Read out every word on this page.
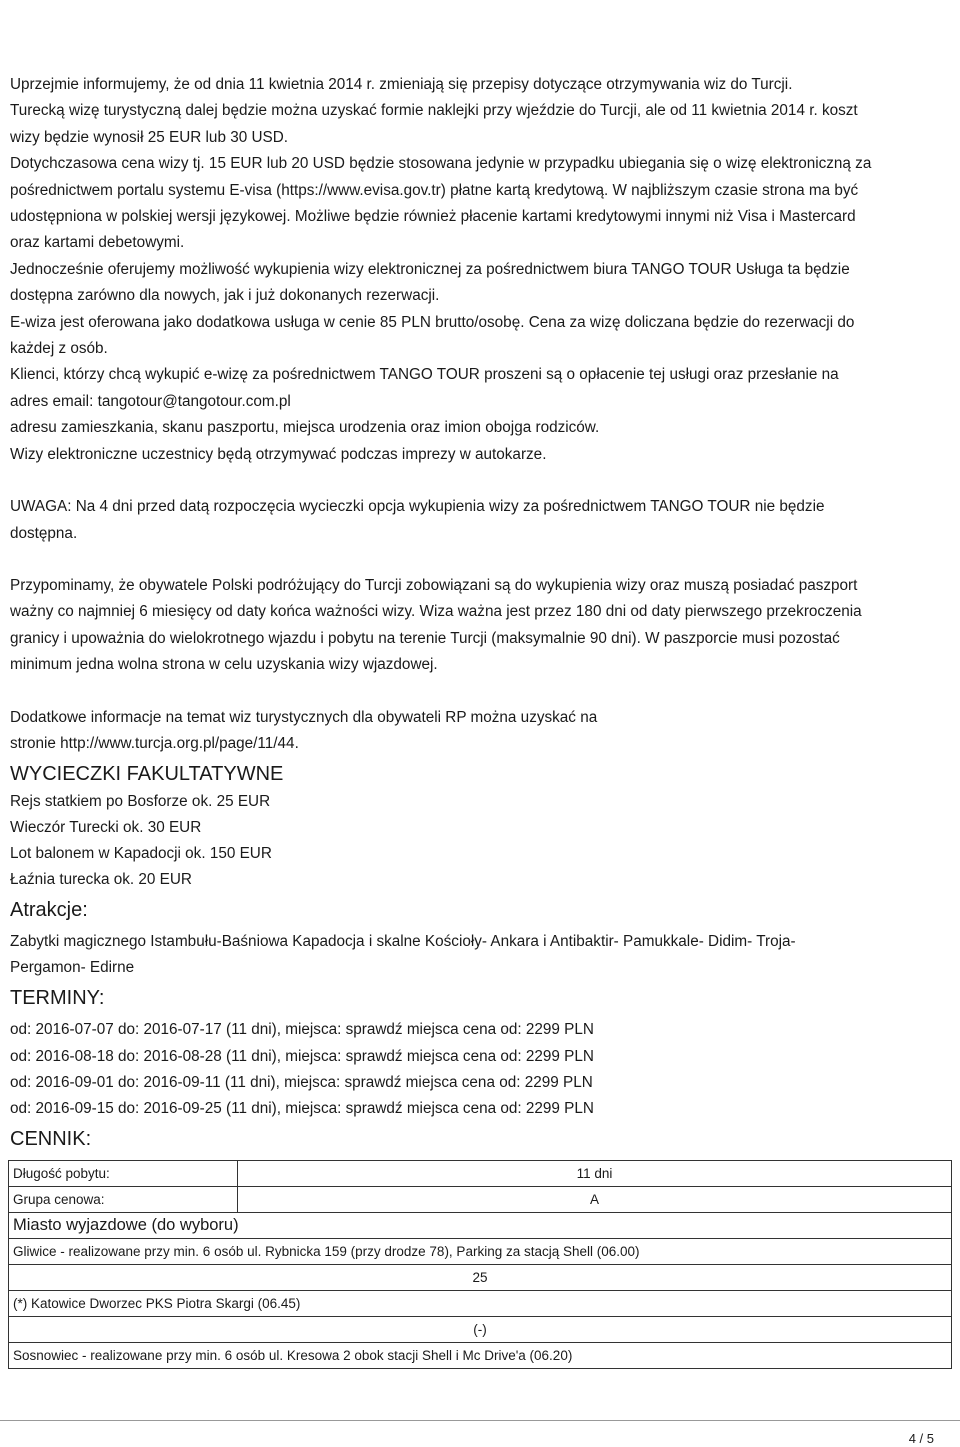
Uprzejmie informujemy, że od dnia 11 kwietnia 2014 r. zmieniają się przepisy dotyczące otrzymywania wiz do Turcji.

Turecką wizę turystyczną dalej będzie można uzyskać formie naklejki przy wjeździe do Turcji, ale od 11 kwietnia 2014 r. koszt

wizy będzie wynosił 25 EUR lub 30 USD.

Dotychczasowa cena wizy tj. 15 EUR lub 20 USD będzie stosowana jedynie w przypadku ubiegania się o wizę elektroniczną za

pośrednictwem portalu systemu E-visa (https://www.evisa.gov.tr) płatne kartą kredytową. W najbliższym czasie strona ma być

udostępniona w polskiej wersji językowej. Możliwe będzie również płacenie kartami kredytowymi innymi niż Visa i Mastercard

oraz kartami debetowymi.

Jednocześnie oferujemy możliwość wykupienia wizy elektronicznej za pośrednictwem biura TANGO TOUR Usługa ta będzie

dostępna zarówno dla nowych, jak i już dokonanych rezerwacji.

E-wiza jest oferowana jako dodatkowa usługa w cenie 85 PLN brutto/osobę. Cena za wizę doliczana będzie do rezerwacji do

każdej z osób.

Klienci, którzy chcą wykupić e-wizę za pośrednictwem TANGO TOUR proszeni są o opłacenie tej usługi oraz przesłanie na

adres email: tangotour@tangotour.com.pl

adresu zamieszkania, skanu paszportu, miejsca urodzenia oraz imion obojga rodziców.

Wizy elektroniczne uczestnicy będą otrzymywać podczas imprezy w autokarze.

UWAGA: Na 4 dni przed datą rozpoczęcia wycieczki opcja wykupienia wizy za pośrednictwem TANGO TOUR nie będzie

dostępna.

Przypominamy, że obywatele Polski podróżujący do Turcji zobowiązani są do wykupienia wizy oraz muszą posiadać paszport

ważny co najmniej 6 miesięcy od daty końca ważności wizy. Wiza ważna jest przez 180 dni od daty pierwszego przekroczenia

granicy i upoważnia do wielokrotnego wjazdu i pobytu na terenie Turcji (maksymalnie 90 dni). W paszporcie musi pozostać

minimum jedna wolna strona w celu uzyskania wizy wjazdowej.

Dodatkowe informacje na temat wiz turystycznych dla obywateli RP można uzyskać na

stronie http://www.turcja.org.pl/page/11/44.

WYCIECZKI FAKULTATYWNE
Rejs statkiem po Bosforze ok. 25 EUR
Wieczór Turecki ok. 30 EUR
Lot balonem w Kapadocji ok. 150 EUR
Łaźnia turecka ok. 20 EUR
Atrakcje:
Zabytki magicznego Istambułu-Baśniowa Kapadocja i skalne Kościoły- Ankara i Antibaktir- Pamukkale- Didim- Troja-
Pergamon- Edirne
TERMINY:
od: 2016-07-07 do: 2016-07-17 (11 dni), miejsca: sprawdź miejsca cena od: 2299 PLN
od: 2016-08-18 do: 2016-08-28 (11 dni), miejsca: sprawdź miejsca cena od: 2299 PLN
od: 2016-09-01 do: 2016-09-11 (11 dni), miejsca: sprawdź miejsca cena od: 2299 PLN
od: 2016-09-15 do: 2016-09-25 (11 dni), miejsca: sprawdź miejsca cena od: 2299 PLN
CENNIK:
Długość pobytu:	11 dni
Grupa cenowa:	A
Miasto wyjazdowe (do wyboru)	
Gliwice - realizowane przy min. 6 osób ul. Rybnicka 159 (przy drodze 78), Parking za stacją Shell (06.00)	
25	
(*) Katowice Dworzec PKS Piotra Skargi (06.45)	
(-)	
Sosnowiec - realizowane przy min. 6 osób ul. Kresowa 2 obok stacji Shell i Mc Drive'a (06.20)	
4 / 5
